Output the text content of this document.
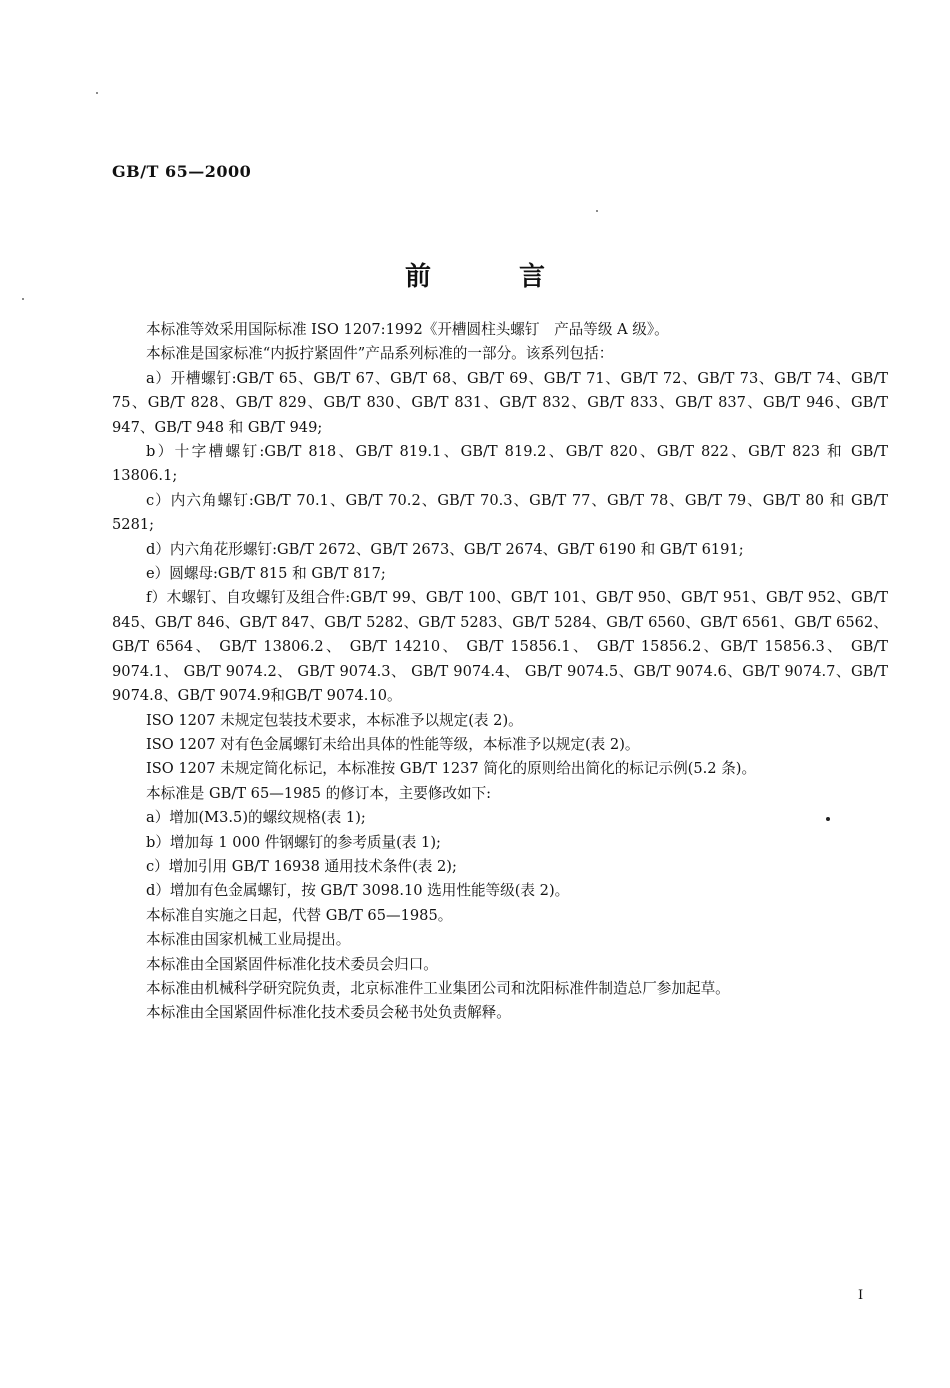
GB/T 65—2000
前言

本标准等效采用国际标准 ISO 1207:1992《开槽圆柱头螺钉　产品等级 A 级》。

本标准是国家标准“内扳拧紧固件”产品系列标准的一部分。该系列包括：

a）开槽螺钉:GB/T 65、GB/T 67、GB/T 68、GB/T 69、GB/T 71、GB/T 72、GB/T 73、GB/T 74、GB/T 75、GB/T 828、GB/T 829、GB/T 830、GB/T 831、GB/T 832、GB/T 833、GB/T 837、GB/T 946、GB/T 947、GB/T 948 和 GB/T 949;

b）十字槽螺钉:GB/T 818、GB/T 819.1、GB/T 819.2、GB/T 820、GB/T 822、GB/T 823 和 GB/T 13806.1;

c）内六角螺钉:GB/T 70.1、GB/T 70.2、GB/T 70.3、GB/T 77、GB/T 78、GB/T 79、GB/T 80 和 GB/T 5281;

d）内六角花形螺钉:GB/T 2672、GB/T 2673、GB/T 2674、GB/T 6190 和 GB/T 6191;

e）圆螺母:GB/T 815 和 GB/T 817;

f）木螺钉、自攻螺钉及组合件:GB/T 99、GB/T 100、GB/T 101、GB/T 950、GB/T 951、GB/T 952、GB/T 845、GB/T 846、GB/T 847、GB/T 5282、GB/T 5283、GB/T 5284、GB/T 6560、GB/T 6561、GB/T 6562、 GB/T 6564、 GB/T 13806.2、 GB/T 14210、 GB/T 15856.1、 GB/T 15856.2、GB/T 15856.3、 GB/T 9074.1、 GB/T 9074.2、 GB/T 9074.3、 GB/T 9074.4、 GB/T 9074.5、GB/T 9074.6、GB/T 9074.7、GB/T 9074.8、GB/T 9074.9和GB/T 9074.10。

ISO 1207 未规定包装技术要求，本标准予以规定(表 2)。

ISO 1207 对有色金属螺钉未给出具体的性能等级，本标准予以规定(表 2)。

ISO 1207 未规定简化标记，本标准按 GB/T 1237 简化的原则给出简化的标记示例(5.2 条)。

本标准是 GB/T 65—1985 的修订本，主要修改如下:

a）增加(M3.5)的螺纹规格(表 1);

b）增加每 1 000 件钢螺钉的参考质量(表 1);

c）增加引用 GB/T 16938 通用技术条件(表 2);

d）增加有色金属螺钉，按 GB/T 3098.10 选用性能等级(表 2)。

本标准自实施之日起，代替 GB/T 65—1985。

本标准由国家机械工业局提出。

本标准由全国紧固件标准化技术委员会归口。

本标准由机械科学研究院负责，北京标准件工业集团公司和沈阳标准件制造总厂参加起草。

本标准由全国紧固件标准化技术委员会秘书处负责解释。

I
